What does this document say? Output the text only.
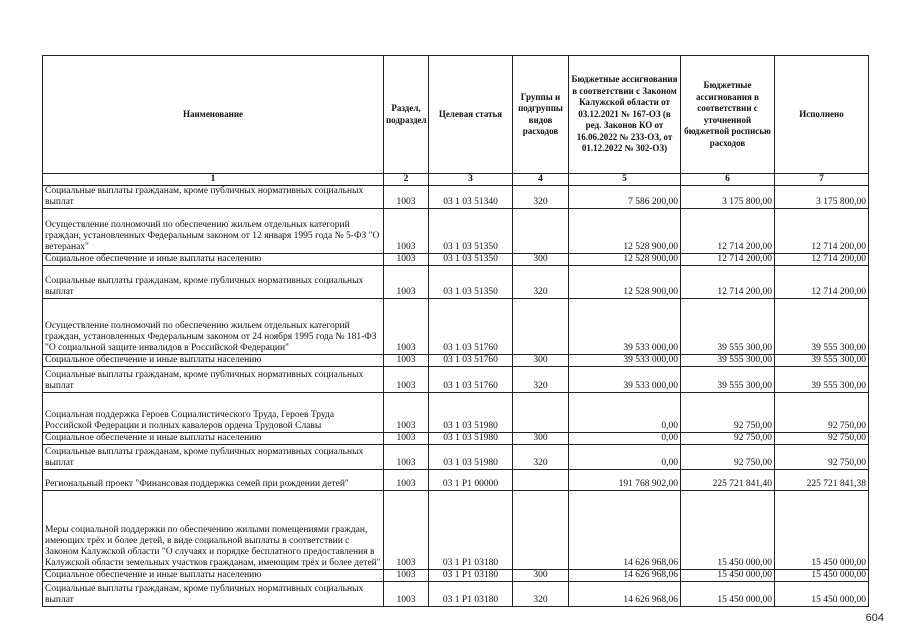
Наименование	Раздел, подраздел	Целевая статья	Группы и подгруппы видов расходов	Бюджетные ассигнования в соответствии с Законом Калужской области от 03.12.2021 № 167-ОЗ (в ред. Законов КО от 16.06.2022 № 233-ОЗ, от 01.12.2022 № 302-ОЗ)	Бюджетные ассигнования в соответствии с уточненной бюджетной росписью расходов	Исполнено
1	2	3	4	5	6	7
Социальные выплаты гражданам, кроме публичных нормативных социальных выплат	1003	03 1 03 51340	320	7 586 200,00	3 175 800,00	3 175 800,00
Осуществление полномочий по обеспечению жильем отдельных категорий граждан, установленных Федеральным законом от 12 января 1995 года № 5-ФЗ "О ветеранах"	1003	03 1 03 51350		12 528 900,00	12 714 200,00	12 714 200,00
Социальное обеспечение и иные выплаты населению	1003	03 1 03 51350	300	12 528 900,00	12 714 200,00	12 714 200,00
Социальные выплаты гражданам, кроме публичных нормативных социальных выплат	1003	03 1 03 51350	320	12 528 900,00	12 714 200,00	12 714 200,00
Осуществление полномочий по обеспечению жильем отдельных категорий граждан, установленных Федеральным законом от 24 ноября 1995 года № 181-ФЗ "О социальной защите инвалидов в Российской Федерации"	1003	03 1 03 51760		39 533 000,00	39 555 300,00	39 555 300,00
Социальное обеспечение и иные выплаты населению	1003	03 1 03 51760	300	39 533 000,00	39 555 300,00	39 555 300,00
Социальные выплаты гражданам, кроме публичных нормативных социальных выплат	1003	03 1 03 51760	320	39 533 000,00	39 555 300,00	39 555 300,00
Социальная поддержка Героев Социалистического Труда, Героев Труда Российской Федерации и полных кавалеров ордена Трудовой Славы	1003	03 1 03 51980		0,00	92 750,00	92 750,00
Социальное обеспечение и иные выплаты населению	1003	03 1 03 51980	300	0,00	92 750,00	92 750,00
Социальные выплаты гражданам, кроме публичных нормативных социальных выплат	1003	03 1 03 51980	320	0,00	92 750,00	92 750,00
Региональный проект "Финансовая поддержка семей при рождении детей"	1003	03 1 P1 00000		191 768 902,00	225 721 841,40	225 721 841,38
Меры социальной поддержки по обеспечению жилыми помещениями граждан, имеющих трёх и более детей, в виде социальной выплаты в соответствии с Законом Калужской области "О случаях и порядке бесплатного предоставления в Калужской области земельных участков гражданам, имеющим трёх и более детей"	1003	03 1 P1 03180		14 626 968,06	15 450 000,00	15 450 000,00
Социальное обеспечение и иные выплаты населению	1003	03 1 P1 03180	300	14 626 968,06	15 450 000,00	15 450 000,00
Социальные выплаты гражданам, кроме публичных нормативных социальных выплат	1003	03 1 P1 03180	320	14 626 968,06	15 450 000,00	15 450 000,00
604
